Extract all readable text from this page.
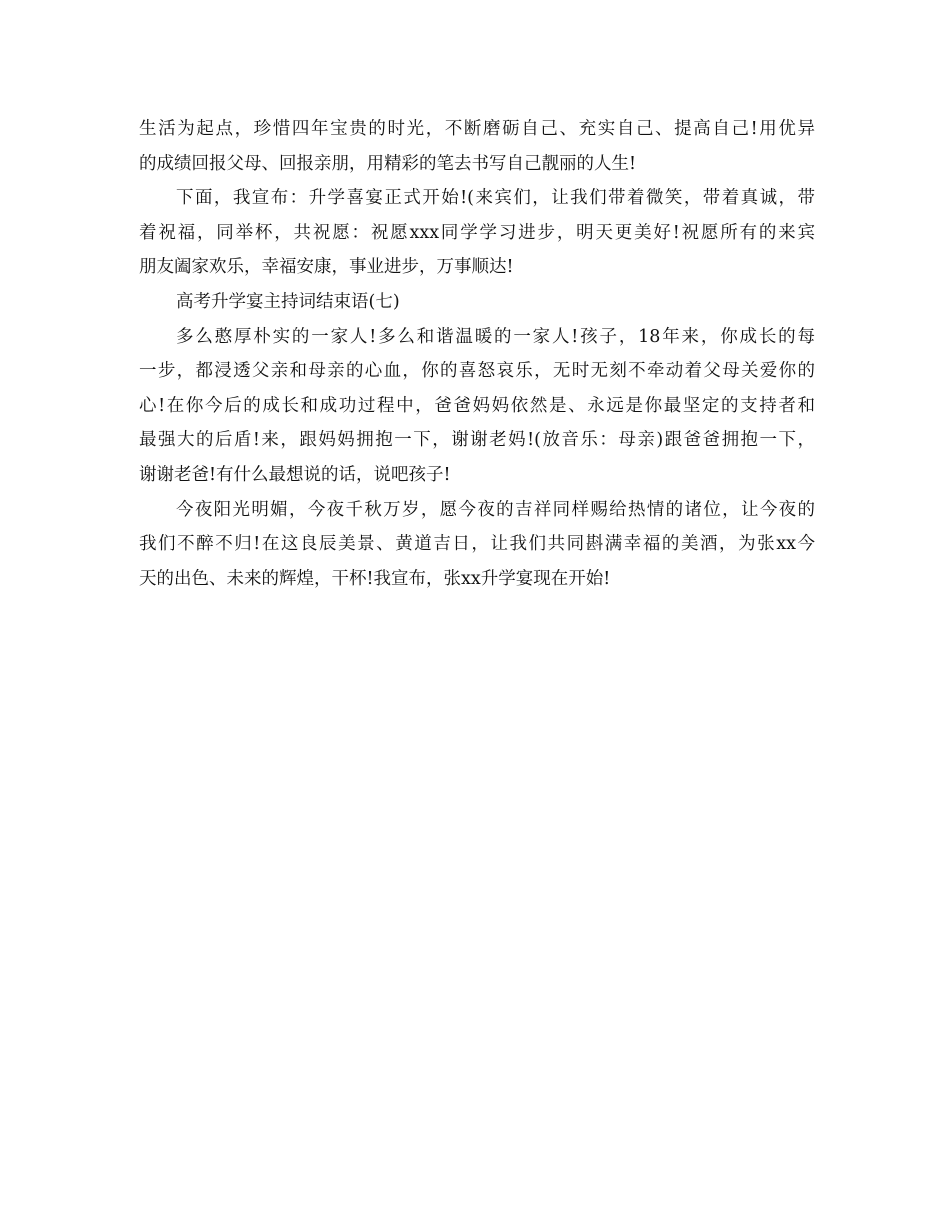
生活为起点，珍惜四年宝贵的时光，不断磨砺自己、充实自己、提高自己!用优异
的成绩回报父母、回报亲朋，用精彩的笔去书写自己靓丽的人生!
下面，我宣布：升学喜宴正式开始!(来宾们，让我们带着微笑，带着真诚，带
着祝福，同举杯，共祝愿：祝愿xxx同学学习进步，明天更美好!祝愿所有的来宾
朋友阖家欢乐，幸福安康，事业进步，万事顺达!
高考升学宴主持词结束语(七)
多么憨厚朴实的一家人!多么和谐温暖的一家人!孩子，18年来，你成长的每
一步，都浸透父亲和母亲的心血，你的喜怒哀乐，无时无刻不牵动着父母关爱你的
心!在你今后的成长和成功过程中，爸爸妈妈依然是、永远是你最坚定的支持者和
最强大的后盾!来，跟妈妈拥抱一下，谢谢老妈!(放音乐：母亲)跟爸爸拥抱一下，
谢谢老爸!有什么最想说的话，说吧孩子!
今夜阳光明媚，今夜千秋万岁，愿今夜的吉祥同样赐给热情的诸位，让今夜的
我们不醉不归!在这良辰美景、黄道吉日，让我们共同斟满幸福的美酒，为张xx今
天的出色、未来的辉煌，干杯!我宣布，张xx升学宴现在开始!
